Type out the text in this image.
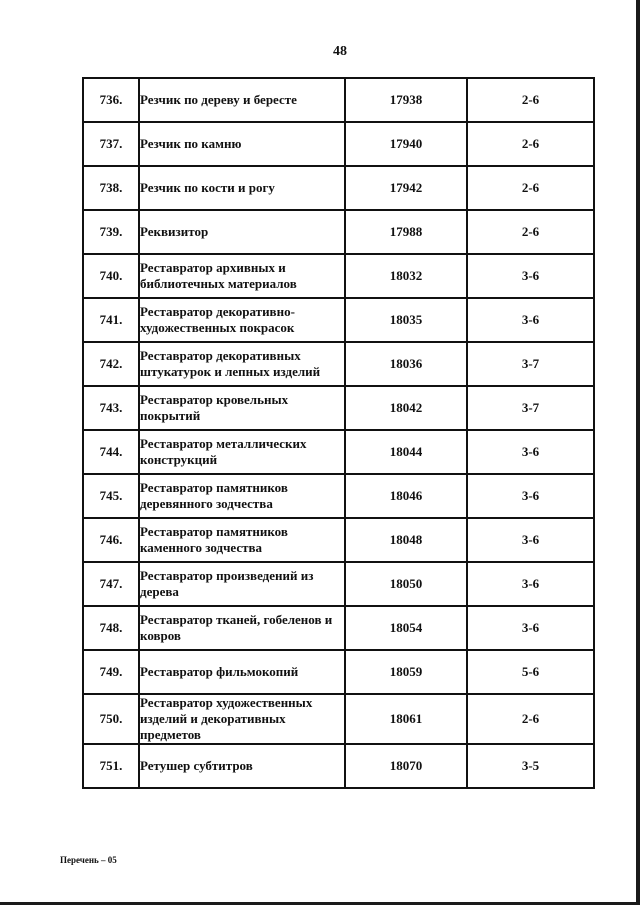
48
736.	Резчик по дереву и бересте	17938	2-6
737.	Резчик по камню	17940	2-6
738.	Резчик по кости и рогу	17942	2-6
739.	Реквизитор	17988	2-6
740.	Реставратор архивных и библиотечных материалов	18032	3-6
741.	Реставратор декоративно-художественных покрасок	18035	3-6
742.	Реставратор декоративных штукатурок и лепных изделий	18036	3-7
743.	Реставратор кровельных покрытий	18042	3-7
744.	Реставратор металлических конструкций	18044	3-6
745.	Реставратор памятников деревянного зодчества	18046	3-6
746.	Реставратор памятников каменного зодчества	18048	3-6
747.	Реставратор произведений из дерева	18050	3-6
748.	Реставратор тканей, гобеленов и ковров	18054	3-6
749.	Реставратор фильмокопий	18059	5-6
750.	Реставратор художественных изделий и декоративных предметов	18061	2-6
751.	Ретушер субтитров	18070	3-5
Перечень – 05
